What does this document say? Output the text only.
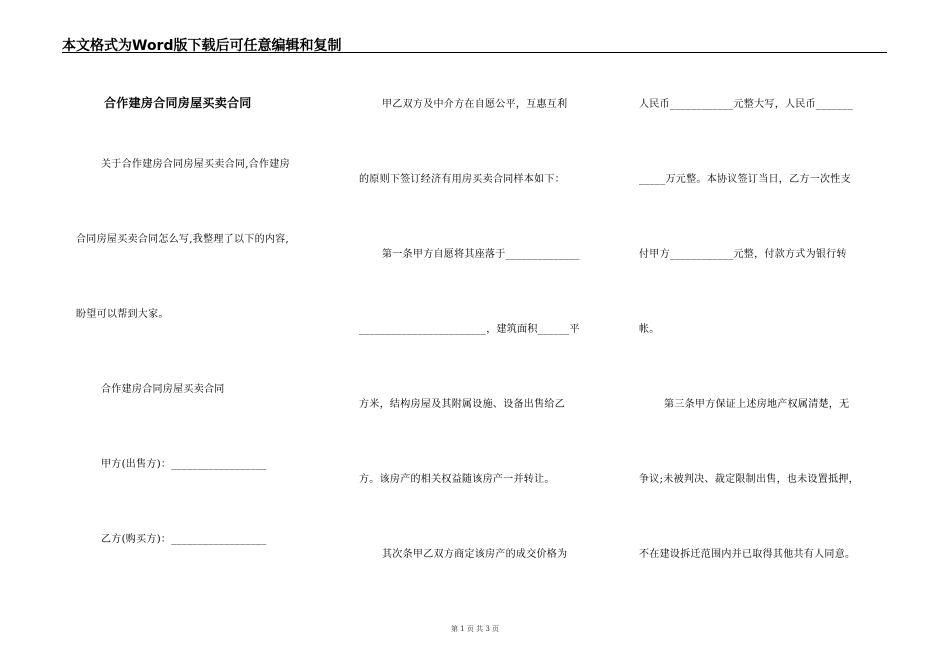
本文格式为Word版下载后可任意编辑和复制
合作建房合同房屋买卖合同
关于合作建房合同房屋买卖合同,合作建房
合同房屋买卖合同怎么写,我整理了以下的内容,
盼望可以帮到大家。
合作建房合同房屋买卖合同
甲方(出售方)：__________________
乙方(购买方)：__________________
甲乙双方及中介方在自愿公平，互惠互利
的原则下签订经济有用房买卖合同样本如下：
第一条甲方自愿将其座落于______________
________________________，建筑面积______平
方米，结构房屋及其附属设施、设备出售给乙
方。该房产的相关权益随该房产一并转让。
其次条甲乙双方商定该房产的成交价格为
人民币____________元整大写，人民币_______
_____万元整。本协议签订当日，乙方一次性支
付甲方____________元整，付款方式为银行转
帐。
第三条甲方保证上述房地产权属清楚，无
争议;未被判决、裁定限制出售，也未设置抵押，
不在建设拆迁范围内并已取得其他共有人同意。
第 1 页 共 3 页
